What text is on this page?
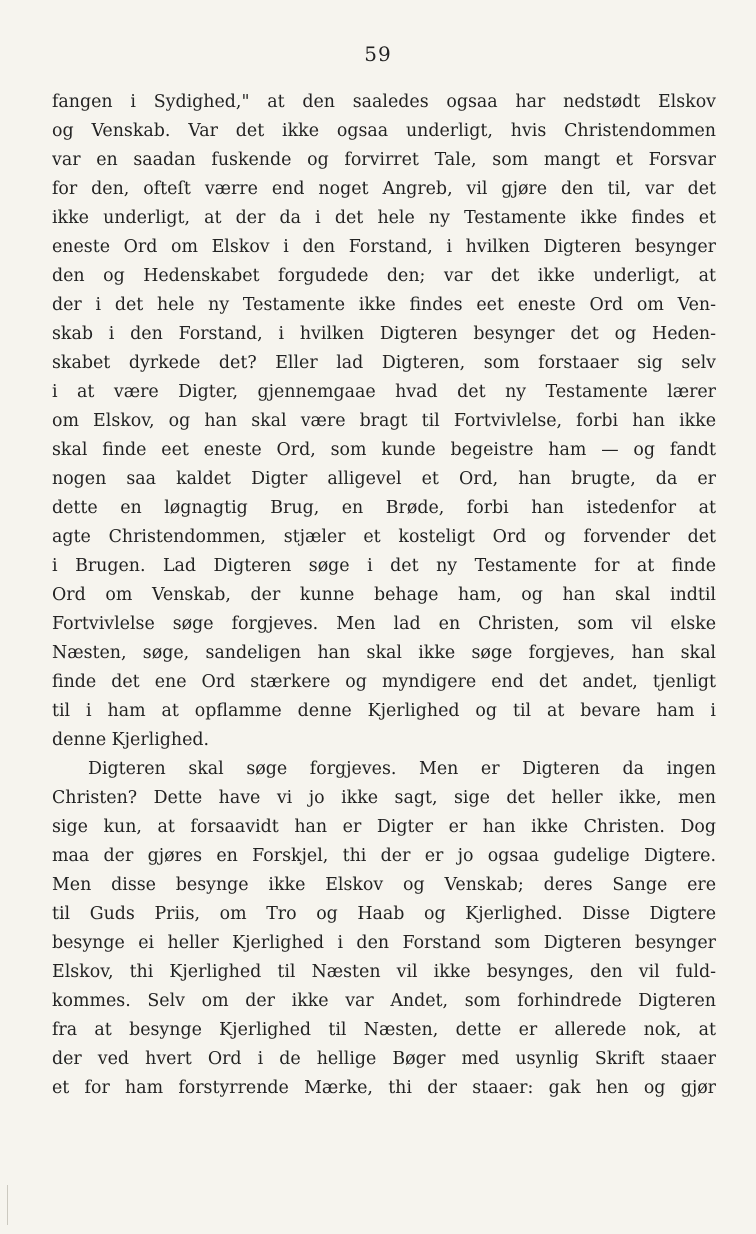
59
fangen i Sydighed," at den saaledes ogsaa har nedstødt Elskov
og Venskab. Var det ikke ogsaa underligt, hvis Christendommen
var en saadan fuskende og forvirret Tale, som mangt et Forsvar
for den, ofteſt værre end noget Angreb, vil gjøre den til, var det
ikke underligt, at der da i det hele ny Testamente ikke findes et
eneste Ord om Elskov i den Forstand, i hvilken Digteren besynger
den og Hedenskabet forgudede den; var det ikke underligt, at
der i det hele ny Testamente ikke findes eet eneste Ord om Ven-
skab i den Forstand, i hvilken Digteren besynger det og Heden-
skabet dyrkede det? Eller lad Digteren, som forstaaer sig selv
i at være Digter, gjennemgaae hvad det ny Testamente lærer
om Elskov, og han skal være bragt til Fortvivlelse, forbi han ikke
skal finde eet eneste Ord, som kunde begeistre ham — og fandt
nogen saa kaldet Digter alligevel et Ord, han brugte, da er
dette en løgnagtig Brug, en Brøde, forbi han istedenfor at
agte Christendommen, stjæler et kosteligt Ord og forvender det
i Brugen. Lad Digteren søge i det ny Testamente for at finde
Ord om Venskab, der kunne behage ham, og han skal indtil
Fortvivlelse søge forgjeves. Men lad en Christen, som vil elske
Næsten, søge, sandeligen han skal ikke søge forgjeves, han skal
finde det ene Ord stærkere og myndigere end det andet, tjenligt
til i ham at opflamme denne Kjerlighed og til at bevare ham i
denne Kjerlighed.
Digteren skal søge forgjeves. Men er Digteren da ingen
Christen? Dette have vi jo ikke sagt, sige det heller ikke, men
sige kun, at forsaavidt han er Digter er han ikke Christen. Dog
maa der gjøres en Forskjel, thi der er jo ogsaa gudelige Digtere.
Men disse besynge ikke Elskov og Venskab; deres Sange ere
til Guds Priis, om Tro og Haab og Kjerlighed. Disse Digtere
besynge ei heller Kjerlighed i den Forstand som Digteren besynger
Elskov, thi Kjerlighed til Næsten vil ikke besynges, den vil fuld-
kommes. Selv om der ikke var Andet, som forhindrede Digteren
fra at besynge Kjerlighed til Næsten, dette er allerede nok, at
der ved hvert Ord i de hellige Bøger med usynlig Skrift staaer
et for ham forstyrrende Mærke, thi der staaer: gak hen og gjør
